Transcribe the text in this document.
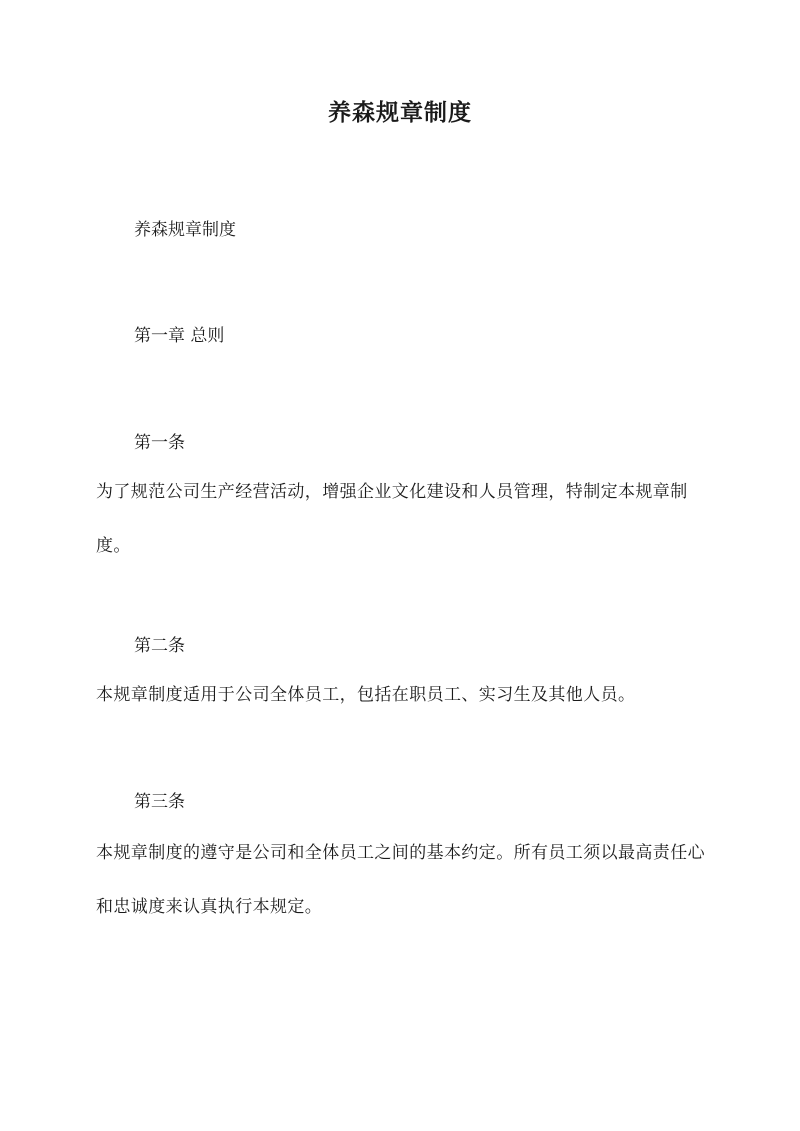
养森规章制度

养森规章制度

第一章 总则

第一条

为了规范公司生产经营活动，增强企业文化建设和人员管理，特制定本规章制度。

第二条

本规章制度适用于公司全体员工，包括在职员工、实习生及其他人员。

第三条

本规章制度的遵守是公司和全体员工之间的基本约定。所有员工须以最高责任心和忠诚度来认真执行本规定。
